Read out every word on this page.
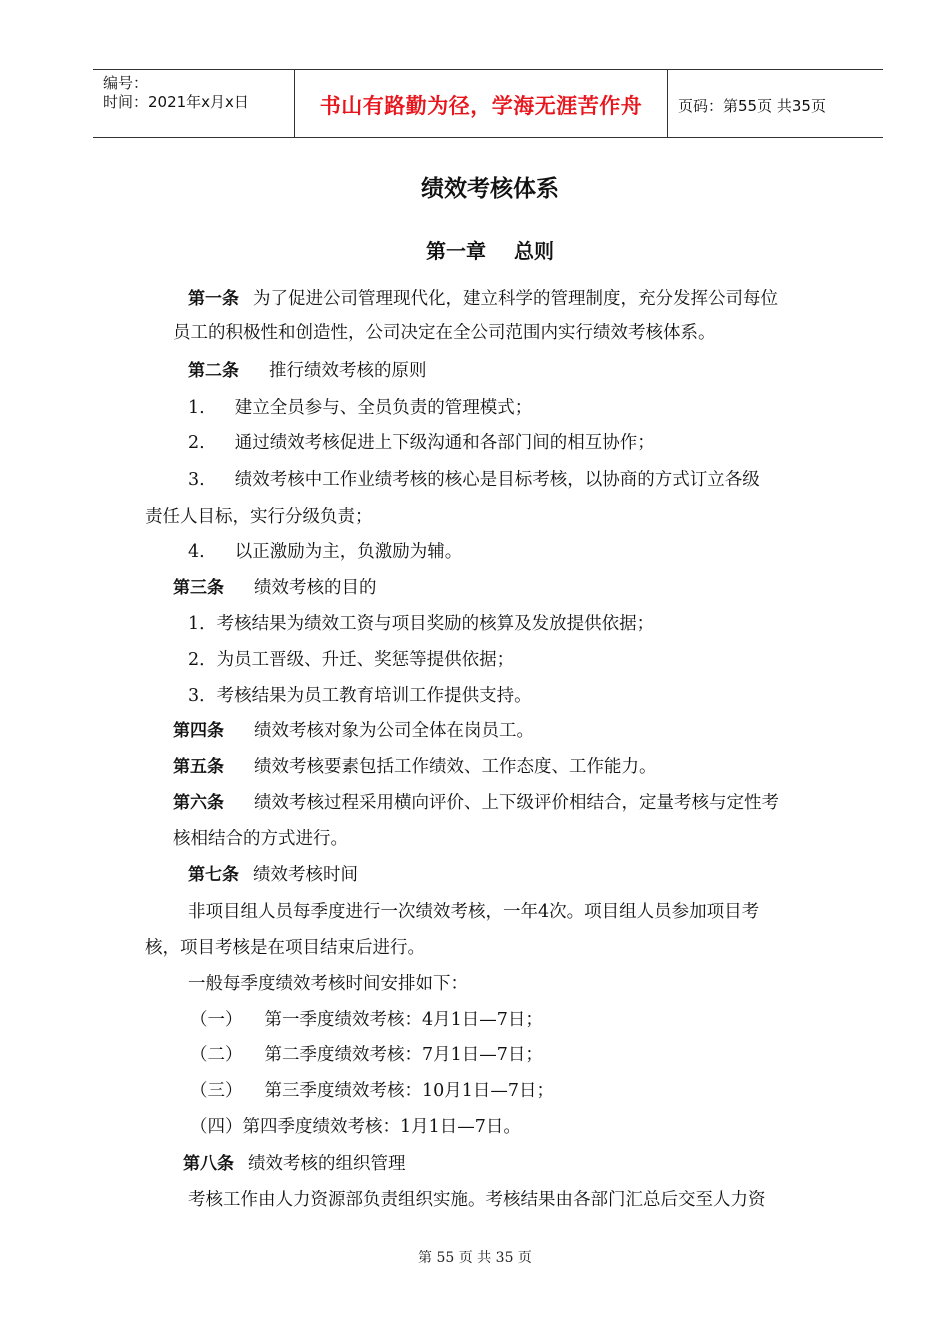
编号：
时间：2021年x月x日	书山有路勤为径，学海无涯苦作舟	页码：第55页 共35页
绩效考核体系
第一章 总则
第一条 为了促进公司管理现代化，建立科学的管理制度，充分发挥公司每位
员工的积极性和创造性，公司决定在全公司范围内实行绩效考核体系。
第二条 推行绩效考核的原则
1. 建立全员参与、全员负责的管理模式；
2. 通过绩效考核促进上下级沟通和各部门间的相互协作；
3. 绩效考核中工作业绩考核的核心是目标考核，以协商的方式订立各级
责任人目标，实行分级负责；
4. 以正激励为主，负激励为辅。
第三条 绩效考核的目的
1．考核结果为绩效工资与项目奖励的核算及发放提供依据；
2．为员工晋级、升迁、奖惩等提供依据；
3．考核结果为员工教育培训工作提供支持。
第四条 绩效考核对象为公司全体在岗员工。
第五条 绩效考核要素包括工作绩效、工作态度、工作能力。
第六条 绩效考核过程采用横向评价、上下级评价相结合，定量考核与定性考
核相结合的方式进行。
第七条 绩效考核时间
非项目组人员每季度进行一次绩效考核，一年4次。项目组人员参加项目考
核，项目考核是在项目结束后进行。
一般每季度绩效考核时间安排如下：
（一） 第一季度绩效考核：4月1日—7日；
（二） 第二季度绩效考核：7月1日—7日；
（三） 第三季度绩效考核：10月1日—7日；
（四）第四季度绩效考核：1月1日—7日。
第八条 绩效考核的组织管理
考核工作由人力资源部负责组织实施。考核结果由各部门汇总后交至人力资
第 55 页 共 35 页
